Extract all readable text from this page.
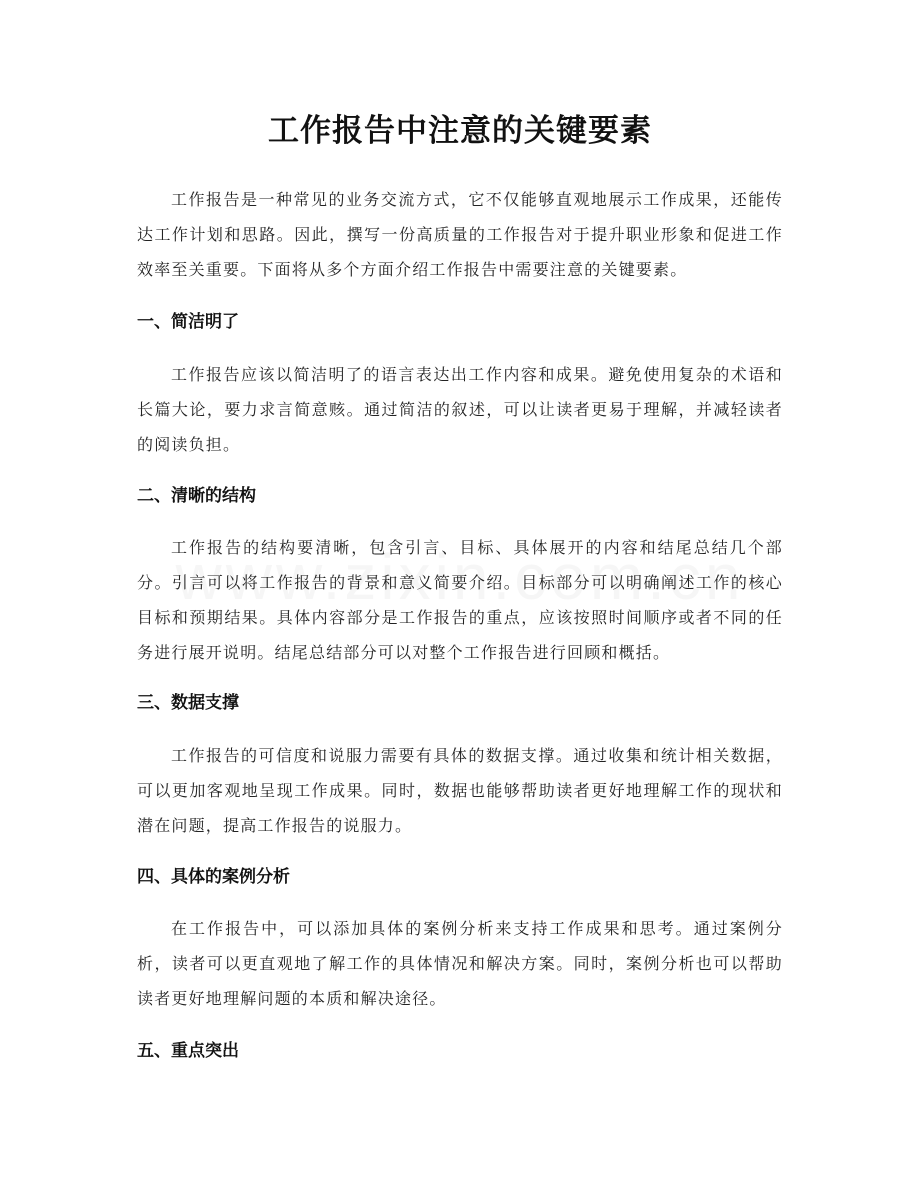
工作报告中注意的关键要素

工作报告是一种常见的业务交流方式，它不仅能够直观地展示工作成果，还能传达工作计划和思路。因此，撰写一份高质量的工作报告对于提升职业形象和促进工作效率至关重要。下面将从多个方面介绍工作报告中需要注意的关键要素。

一、简洁明了

工作报告应该以简洁明了的语言表达出工作内容和成果。避免使用复杂的术语和长篇大论，要力求言简意赅。通过简洁的叙述，可以让读者更易于理解，并减轻读者的阅读负担。

二、清晰的结构

工作报告的结构要清晰，包含引言、目标、具体展开的内容和结尾总结几个部分。引言可以将工作报告的背景和意义简要介绍。目标部分可以明确阐述工作的核心目标和预期结果。具体内容部分是工作报告的重点，应该按照时间顺序或者不同的任务进行展开说明。结尾总结部分可以对整个工作报告进行回顾和概括。

三、数据支撑

工作报告的可信度和说服力需要有具体的数据支撑。通过收集和统计相关数据，可以更加客观地呈现工作成果。同时，数据也能够帮助读者更好地理解工作的现状和潜在问题，提高工作报告的说服力。

四、具体的案例分析

在工作报告中，可以添加具体的案例分析来支持工作成果和思考。通过案例分析，读者可以更直观地了解工作的具体情况和解决方案。同时，案例分析也可以帮助读者更好地理解问题的本质和解决途径。

五、重点突出
